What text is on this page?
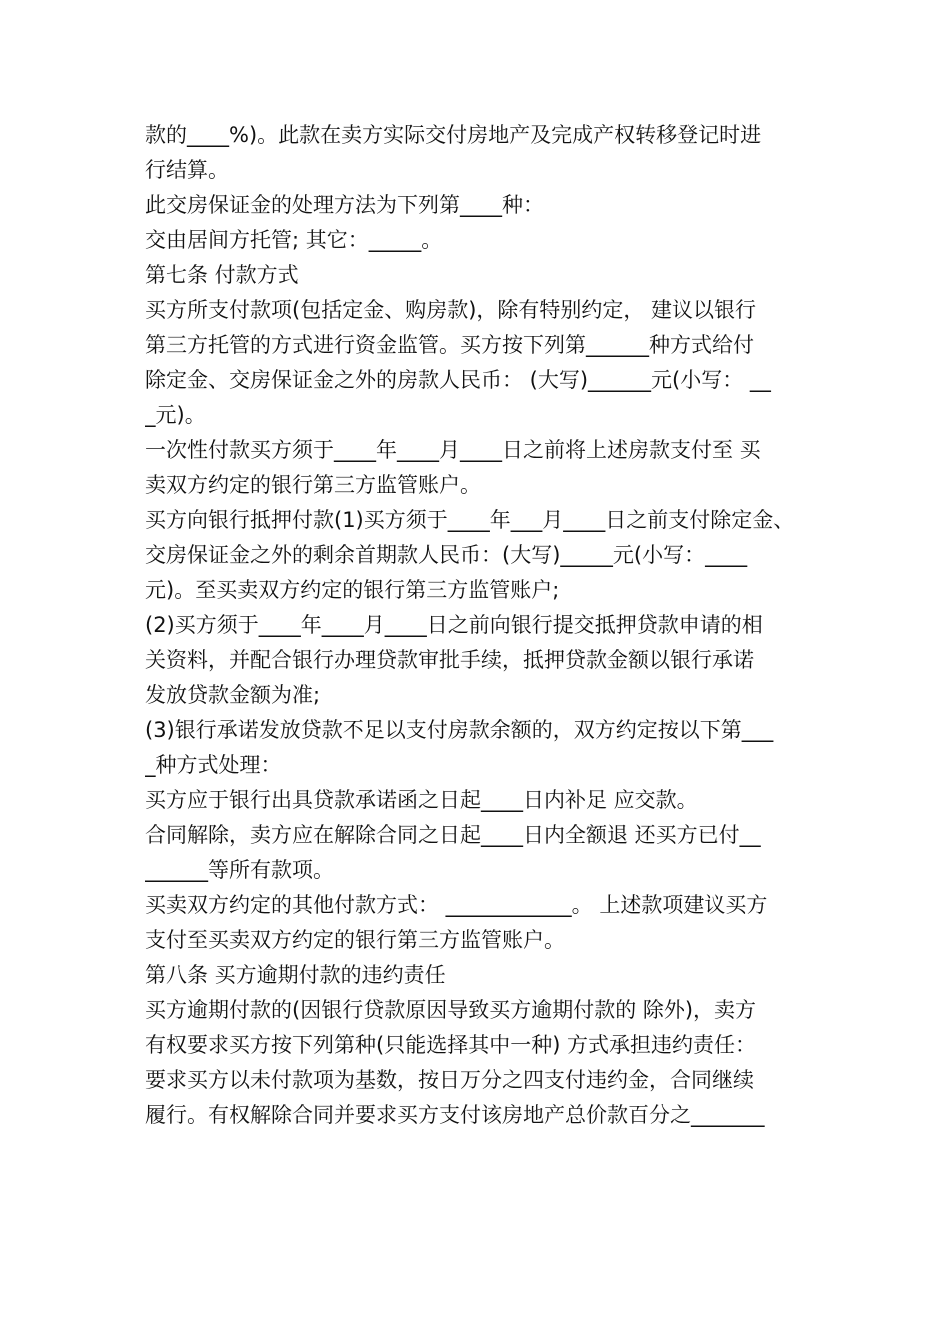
款的____%)。此款在卖方实际交付房地产及完成产权转移登记时进
行结算。
此交房保证金的处理方法为下列第____种：
交由居间方托管; 其它：_____。
第七条 付款方式
买方所支付款项(包括定金、购房款)，除有特别约定， 建议以银行
第三方托管的方式进行资金监管。买方按下列第______种方式给付
除定金、交房保证金之外的房款人民币： (大写)______元(小写： __
_元)。
一次性付款买方须于____年____月____日之前将上述房款支付至 买
卖双方约定的银行第三方监管账户。
买方向银行抵押付款(1)买方须于____年___月____日之前支付除定金、
交房保证金之外的剩余首期款人民币：(大写)_____元(小写：____
元)。至买卖双方约定的银行第三方监管账户;
(2)买方须于____年____月____日之前向银行提交抵押贷款申请的相
关资料，并配合银行办理贷款审批手续，抵押贷款金额以银行承诺
发放贷款金额为准;
(3)银行承诺发放贷款不足以支付房款余额的，双方约定按以下第___
_种方式处理：
买方应于银行出具贷款承诺函之日起____日内补足 应交款。
合同解除，卖方应在解除合同之日起____日内全额退 还买方已付__
______等所有款项。
买卖双方约定的其他付款方式： ____________。 上述款项建议买方
支付至买卖双方约定的银行第三方监管账户。
第八条 买方逾期付款的违约责任
买方逾期付款的(因银行贷款原因导致买方逾期付款的 除外)，卖方
有权要求买方按下列第种(只能选择其中一种) 方式承担违约责任：
要求买方以未付款项为基数，按日万分之四支付违约金，合同继续
履行。有权解除合同并要求买方支付该房地产总价款百分之_______
